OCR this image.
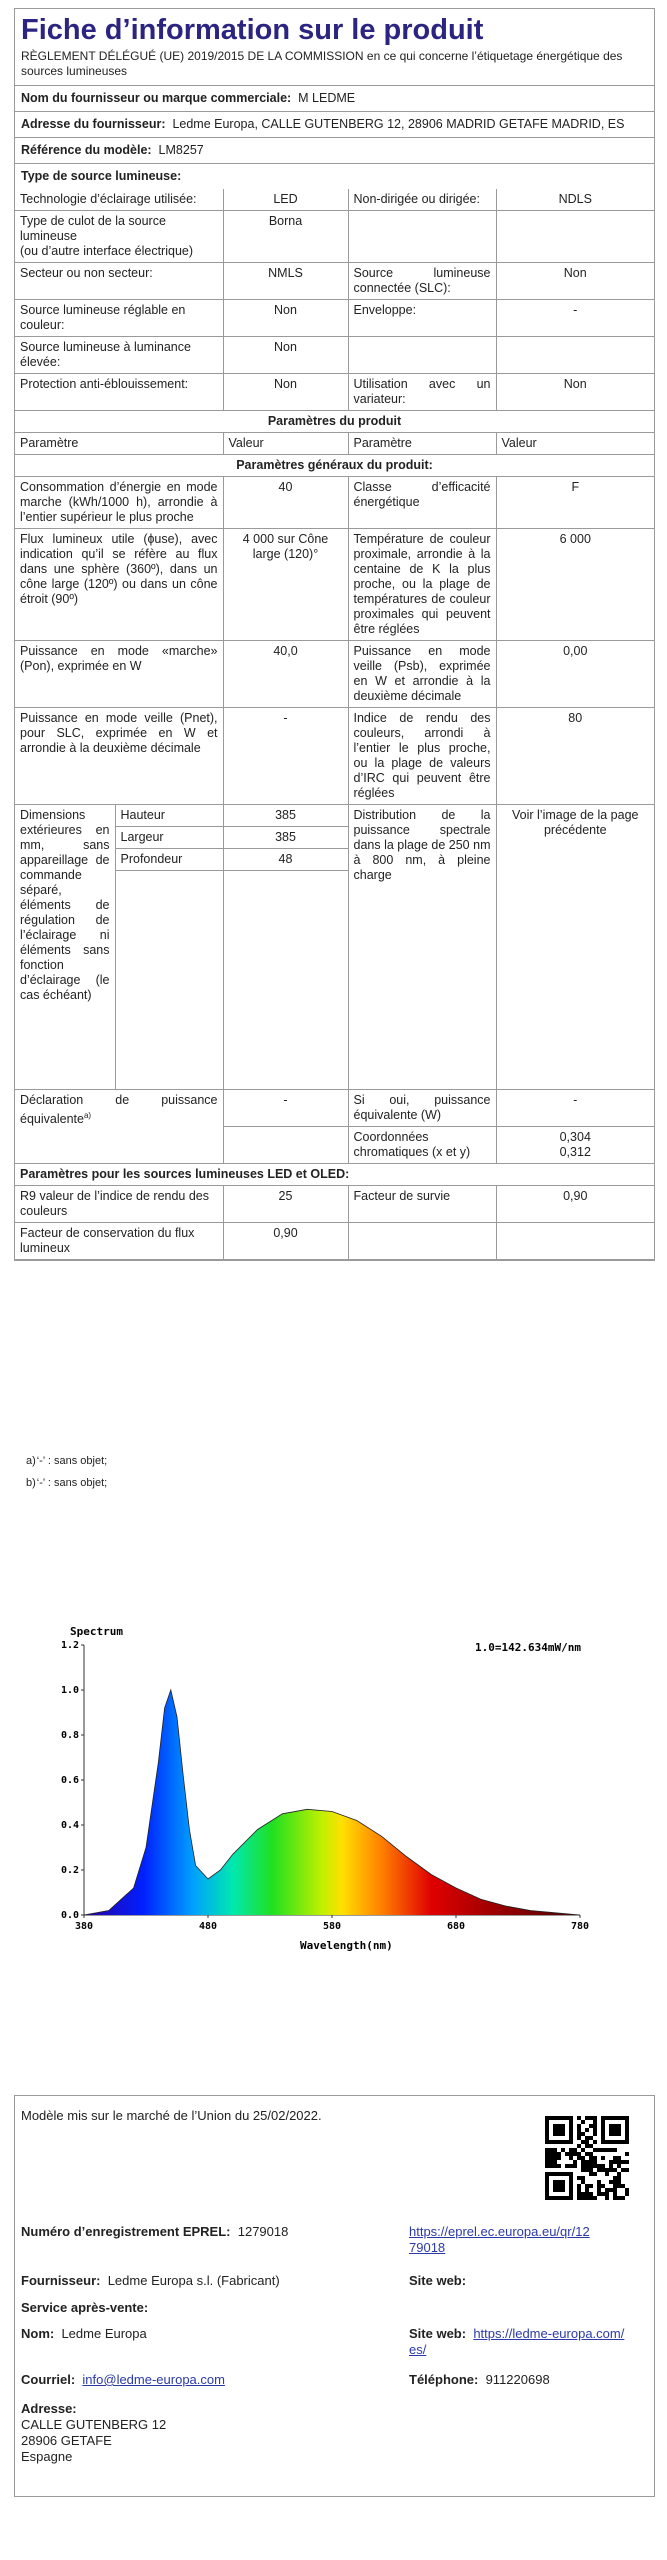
Fiche d’information sur le produit
RÈGLEMENT DÉLÉGUÉ (UE) 2019/2015 DE LA COMMISSION en ce qui concerne l’étiquetage énergétique des sources lumineuses
Nom du fournisseur ou marque commerciale: M LEDME
Adresse du fournisseur: Ledme Europa, CALLE GUTENBERG 12, 28906 MADRID GETAFE MADRID, ES
Référence du modèle: LM8257
Type de source lumineuse:
Technologie d’éclairage utilisée:	LED	Non-dirigée ou dirigée:	NDLS
Type de culot de la source lumineuse
(ou d’autre interface électrique)	Borna		
Secteur ou non secteur:	NMLS	Source lumineuse connectée (SLC):	Non
Source lumineuse réglable en couleur:	Non	Enveloppe:	-
Source lumineuse à luminance élevée:	Non		
Protection anti-éblouissement:	Non	Utilisation avec un variateur:	Non
Paramètres du produit				
Paramètre		Valeur	Paramètre	Valeur
Paramètres généraux du produit:				
Consommation d’énergie en mode marche (kWh/1000 h), arrondie à l’entier supérieur le plus proche		40	Classe d’efficacité énergétique	F
Flux lumineux utile (ɸuse), avec indication qu’il se réfère au flux dans une sphère (360º), dans un cône large (120º) ou dans un cône étroit (90º)		4 000 sur Cône large (120)°	Température de couleur proximale, arrondie à la centaine de K la plus proche, ou la plage de températures de couleur proximales qui peuvent être réglées	6 000
Puissance en mode «marche» (Pon), exprimée en W		40,0	Puissance en mode veille (Psb), exprimée en W et arrondie à la deuxième décimale	0,00
Puissance en mode veille (Pnet), pour SLC, exprimée en W et arrondie à la deuxième décimale		-	Indice de rendu des couleurs, arrondi à l’entier le plus proche, ou la plage de valeurs d’IRC qui peuvent être réglées	80
Dimensions extérieures en mm, sans appareillage de commande séparé, éléments de régulation de l’éclairage ni éléments sans fonction d’éclairage (le cas échéant)	Hauteur	385	Distribution de la puissance spectrale dans la plage de 250 nm à 800 nm, à pleine charge	Voir l’image de la page précédente
	Largeur	385		
	Profondeur	48		

Déclaration de puissance équivalente$^{a)}$		-	Si oui, puissance équivalente (W)	-
			Coordonnées chromatiques (x et y)	0,304
0,312

Paramètres pour les sources lumineuses LED et OLED:				
R9 valeur de l’indice de rendu des couleurs		25	Facteur de survie	0,90
Facteur de conservation du flux lumineux		0,90		
a) ‘-’ : sans objet;
b) ‘-’ : sans objet;
Spectrum
1.0=142.634mW/nm
Wavelength(nm)
0.0
0.2
0.4
0.6
0.8
1.0
1.2
380	480	580	680	780
Modèle mis sur le marché de l’Union du 25/02/2022.
Numéro d’enregistrement EPREL: 1279018	https://eprel.ec.europa.eu/qr/12
79018
Fournisseur: Ledme Europa s.l. (Fabricant)	Site web:
Service après-vente:
Nom: Ledme Europa	Site web: https://ledme-europa.com/
es/
Courriel: info@ledme-europa.com	Téléphone: 911220698
Adresse:
CALLE GUTENBERG 12
28906 GETAFE
Espagne
